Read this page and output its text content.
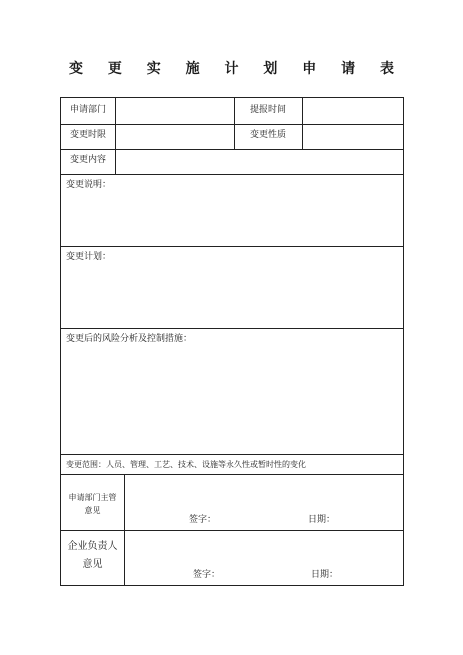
变 更 实 施 计 划 申 请 表
申请部门	提报时间
变更时限	变更性质
变更内容
变更说明：
变更计划：
变更后的风险分析及控制措施：
变更范围：人员、管理、工艺、技术、设施等永久性或暂时性的变化
申请部门主管
意见
签字：	日期：
企业负责人
意见
签字：	日期：
